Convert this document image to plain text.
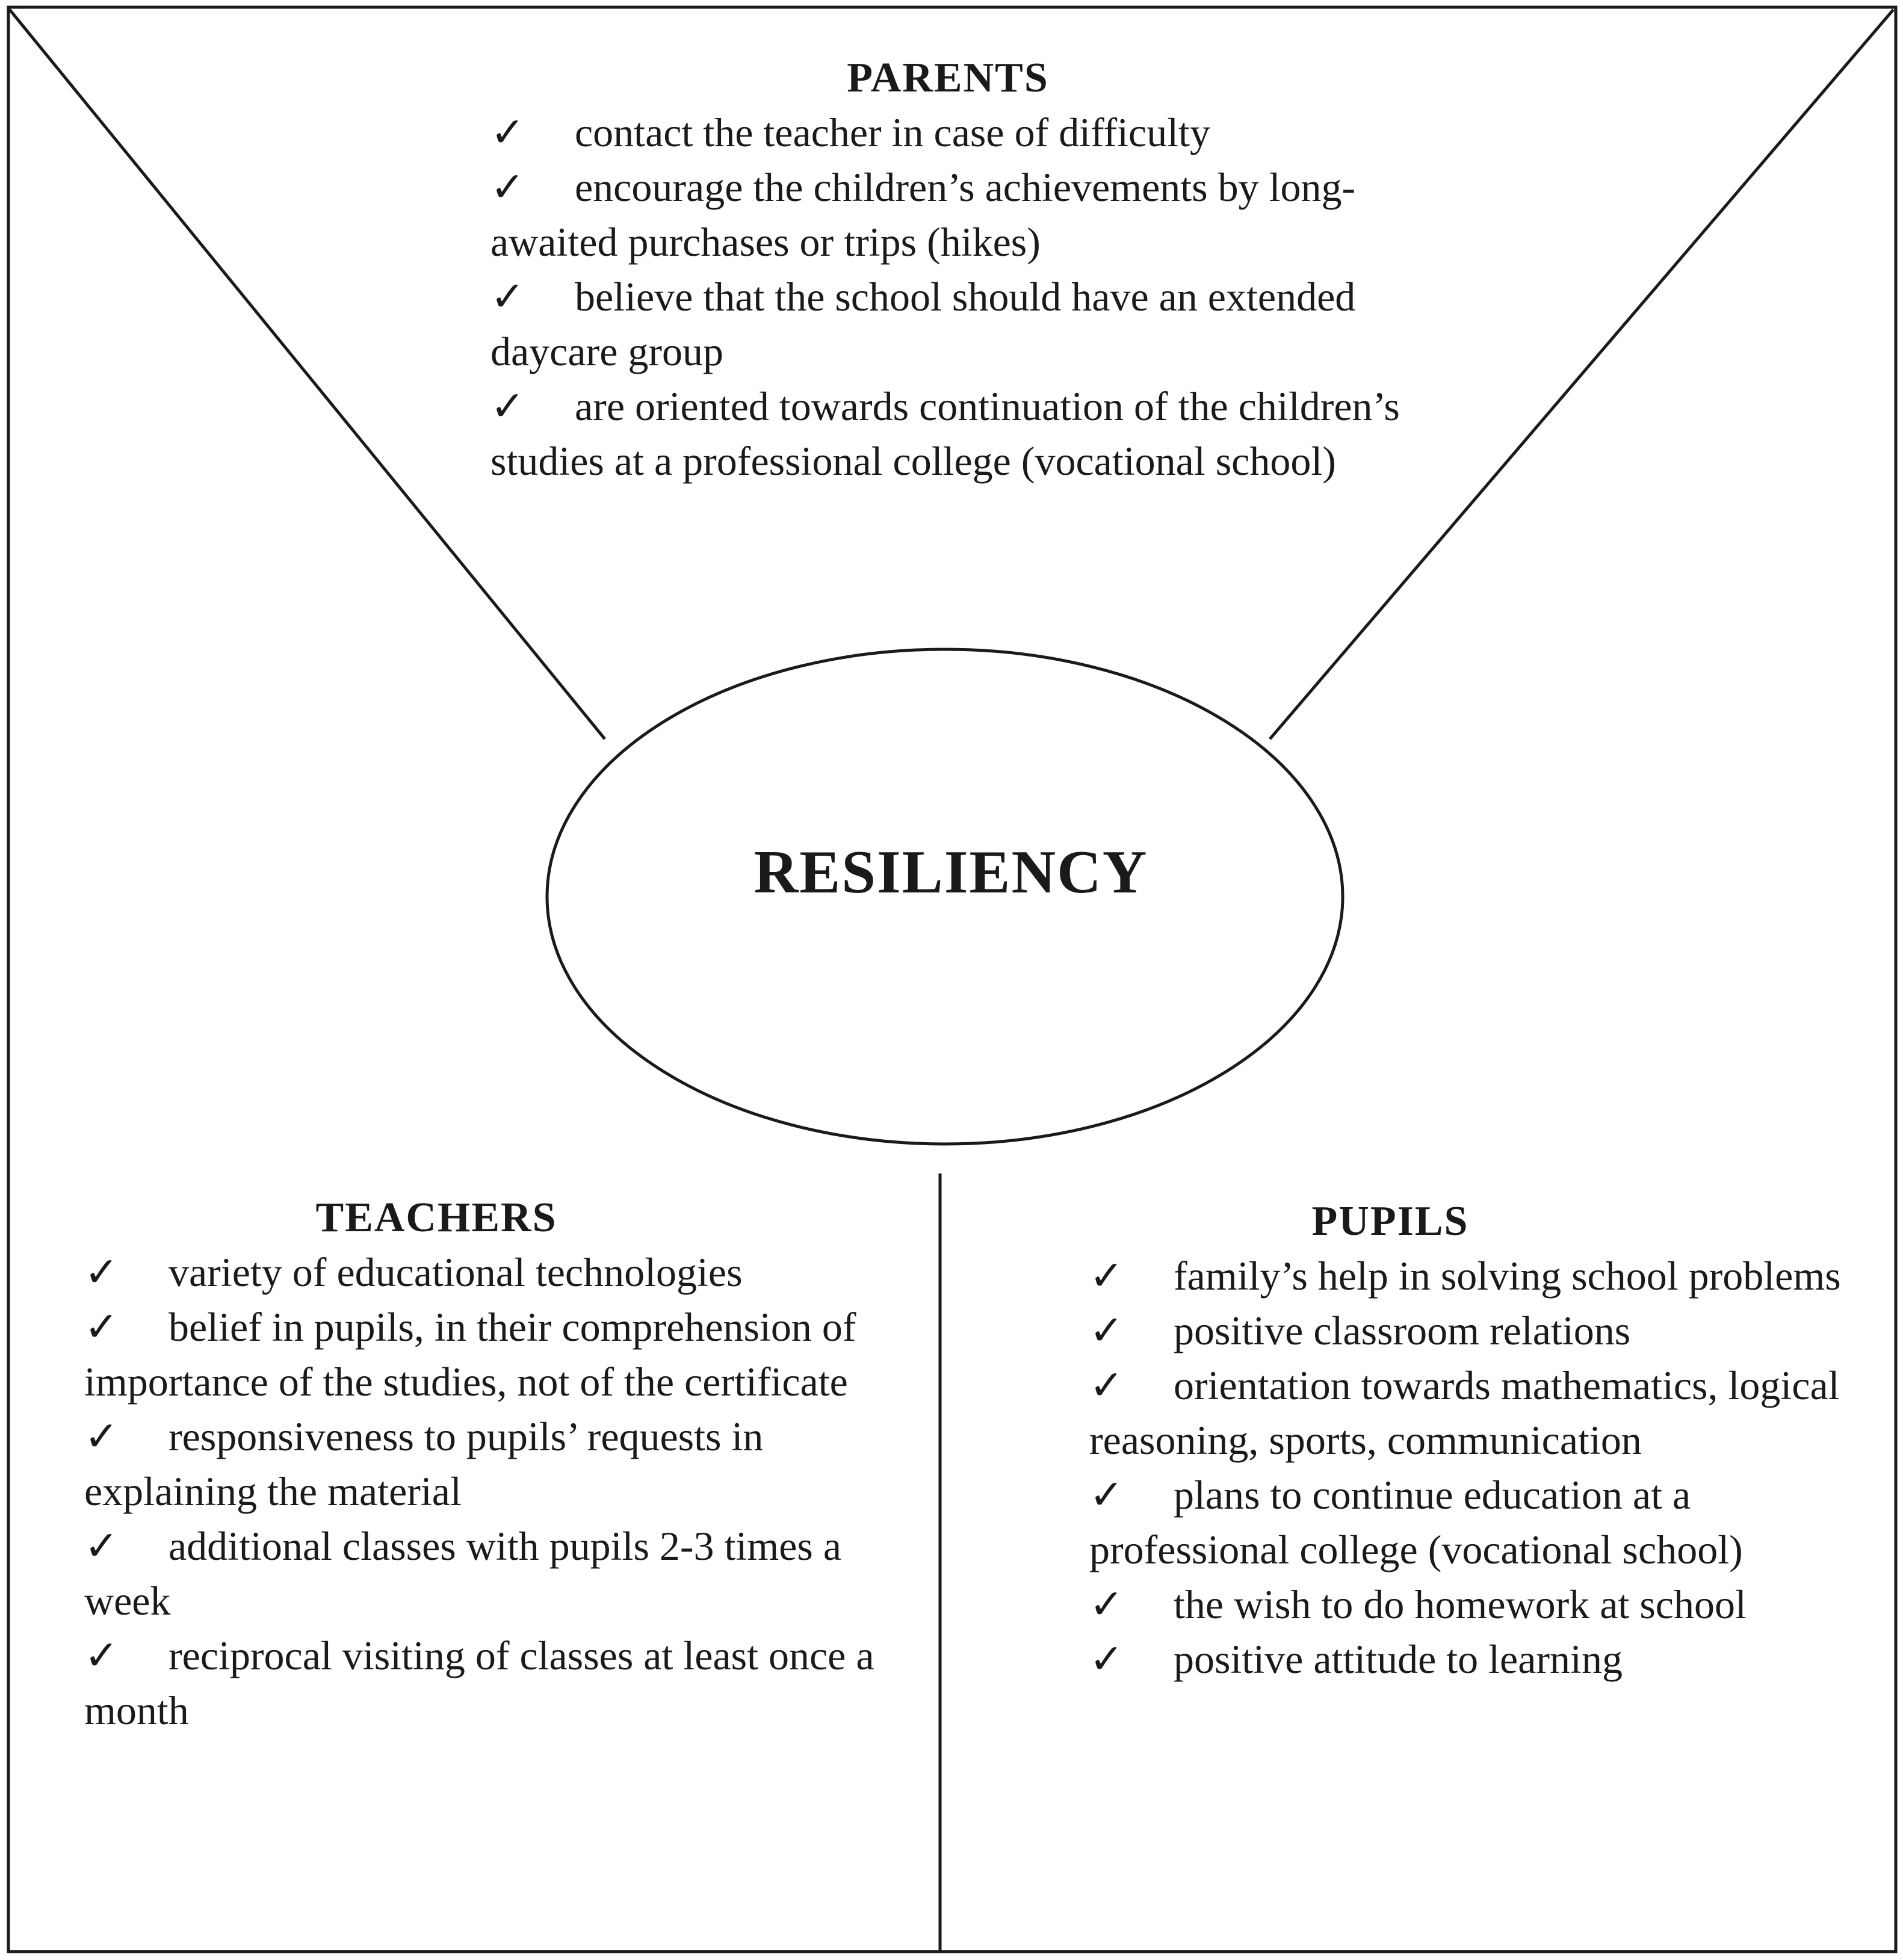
RESILIENCY
PARENTS
✓ contact the teacher in case of difficulty
✓ encourage the children’s achievements by long-awaited purchases or trips (hikes)
✓ believe that the school should have an extended daycare group
✓ are oriented towards continuation of the children’s studies at a professional college (vocational school)
TEACHERS
✓ variety of educational technologies
✓ belief in pupils, in their comprehension of importance of the studies, not of the certificate
✓ responsiveness to pupils’ requests in explaining the material
✓ additional classes with pupils 2-3 times a week
✓ reciprocal visiting of classes at least once a month
PUPILS
✓ family’s help in solving school problems
✓ positive classroom relations
✓ orientation towards mathematics, logical reasoning, sports, communication
✓ plans to continue education at a professional college (vocational school)
✓ the wish to do homework at school
✓ positive attitude to learning
